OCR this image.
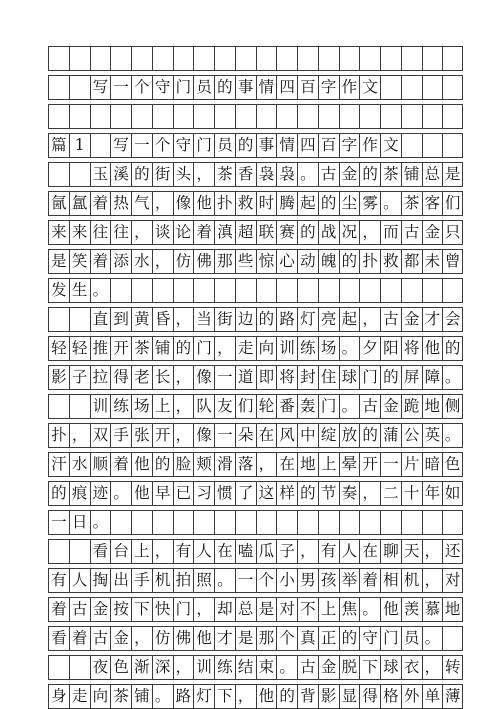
写 一 个 守 门 员 的 事 情 四 百 字 作 文
篇 1	写 一 个 守 门 员 的 事 情 四 百 字 作 文
玉 溪 的 街 头 ， 茶 香 袅 袅 。 古 金 的 茶 铺 总 是
氤 氲 着 热 气 ， 像 他 扑 救 时 腾 起 的 尘 雾 。 茶 客 们
来 来 往 往 ， 谈 论 着 滇 超 联 赛 的 战 况 ， 而 古 金 只
是 笑 着 添 水 ， 仿 佛 那 些 惊 心 动 魄 的 扑 救 都 未 曾
发 生 。
直 到 黄 昏 ， 当 街 边 的 路 灯 亮 起 ， 古 金 才 会
轻 轻 推 开 茶 铺 的 门 ， 走 向 训 练 场 。 夕 阳 将 他 的
影 子 拉 得 老 长 ， 像 一 道 即 将 封 住 球 门 的 屏 障 。
训 练 场 上 ， 队 友 们 轮 番 轰 门 。 古 金 跪 地 侧
扑 ， 双 手 张 开 ， 像 一 朵 在 风 中 绽 放 的 蒲 公 英 。
汗 水 顺 着 他 的 脸 颊 滑 落 ， 在 地 上 晕 开 一 片 暗 色
的 痕 迹 。 他 早 已 习 惯 了 这 样 的 节 奏 ， 二 十 年 如
一 日 。
看 台 上 ， 有 人 在 嗑 瓜 子 ， 有 人 在 聊 天 ， 还
有 人 掏 出 手 机 拍 照 。 一 个 小 男 孩 举 着 相 机 ， 对
着 古 金 按 下 快 门 ， 却 总 是 对 不 上 焦 。 他 羡 慕 地
看 着 古 金 ， 仿 佛 他 才 是 那 个 真 正 的 守 门 员 。
夜 色 渐 深 ， 训 练 结 束 。 古 金 脱 下 球 衣 ， 转
身 走 向 茶 铺 。 路 灯 下 ， 他 的 背 影 显 得 格 外 单 薄
